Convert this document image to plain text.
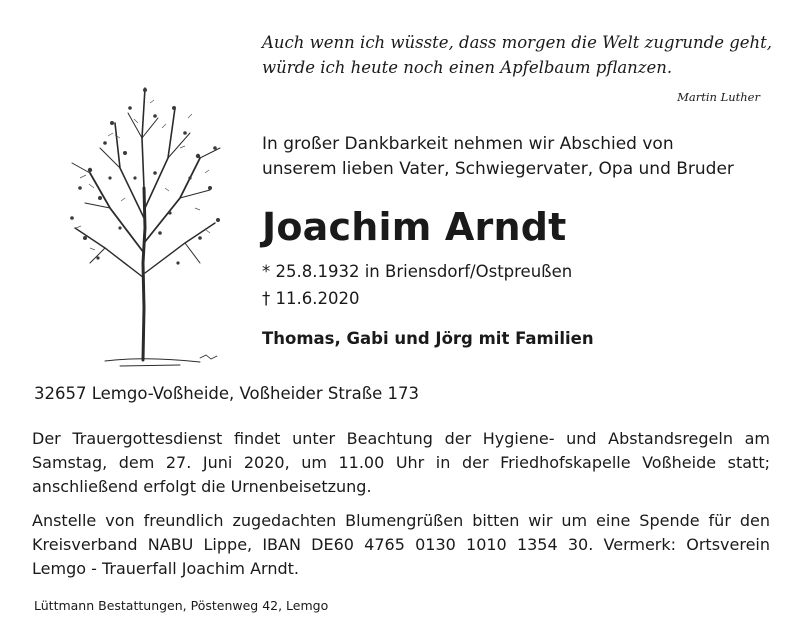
Auch wenn ich wüsste, dass morgen die Welt zugrunde geht,
würde ich heute noch einen Apfelbaum pflanzen.
Martin Luther
In großer Dankbarkeit nehmen wir Abschied von
unserem lieben Vater, Schwiegervater, Opa und Bruder
Joachim Arndt
* 25.8.1932 in Briensdorf/Ostpreußen
† 11.6.2020
Thomas, Gabi und Jörg mit Familien
32657 Lemgo-Voßheide, Voßheider Straße 173
Der Trauergottesdienst findet unter Beachtung der Hygiene- und Abstandsregeln am Samstag, dem 27. Juni 2020, um 11.00 Uhr in der Friedhofskapelle Voßheide statt; anschließend erfolgt die Urnenbeisetzung.
Anstelle von freundlich zugedachten Blumengrüßen bitten wir um eine Spende für den Kreisverband NABU Lippe, IBAN DE60 4765 0130 1010 1354 30. Vermerk: Ortsverein Lemgo - Trauerfall Joachim Arndt.
Lüttmann Bestattungen, Pöstenweg 42, Lemgo
